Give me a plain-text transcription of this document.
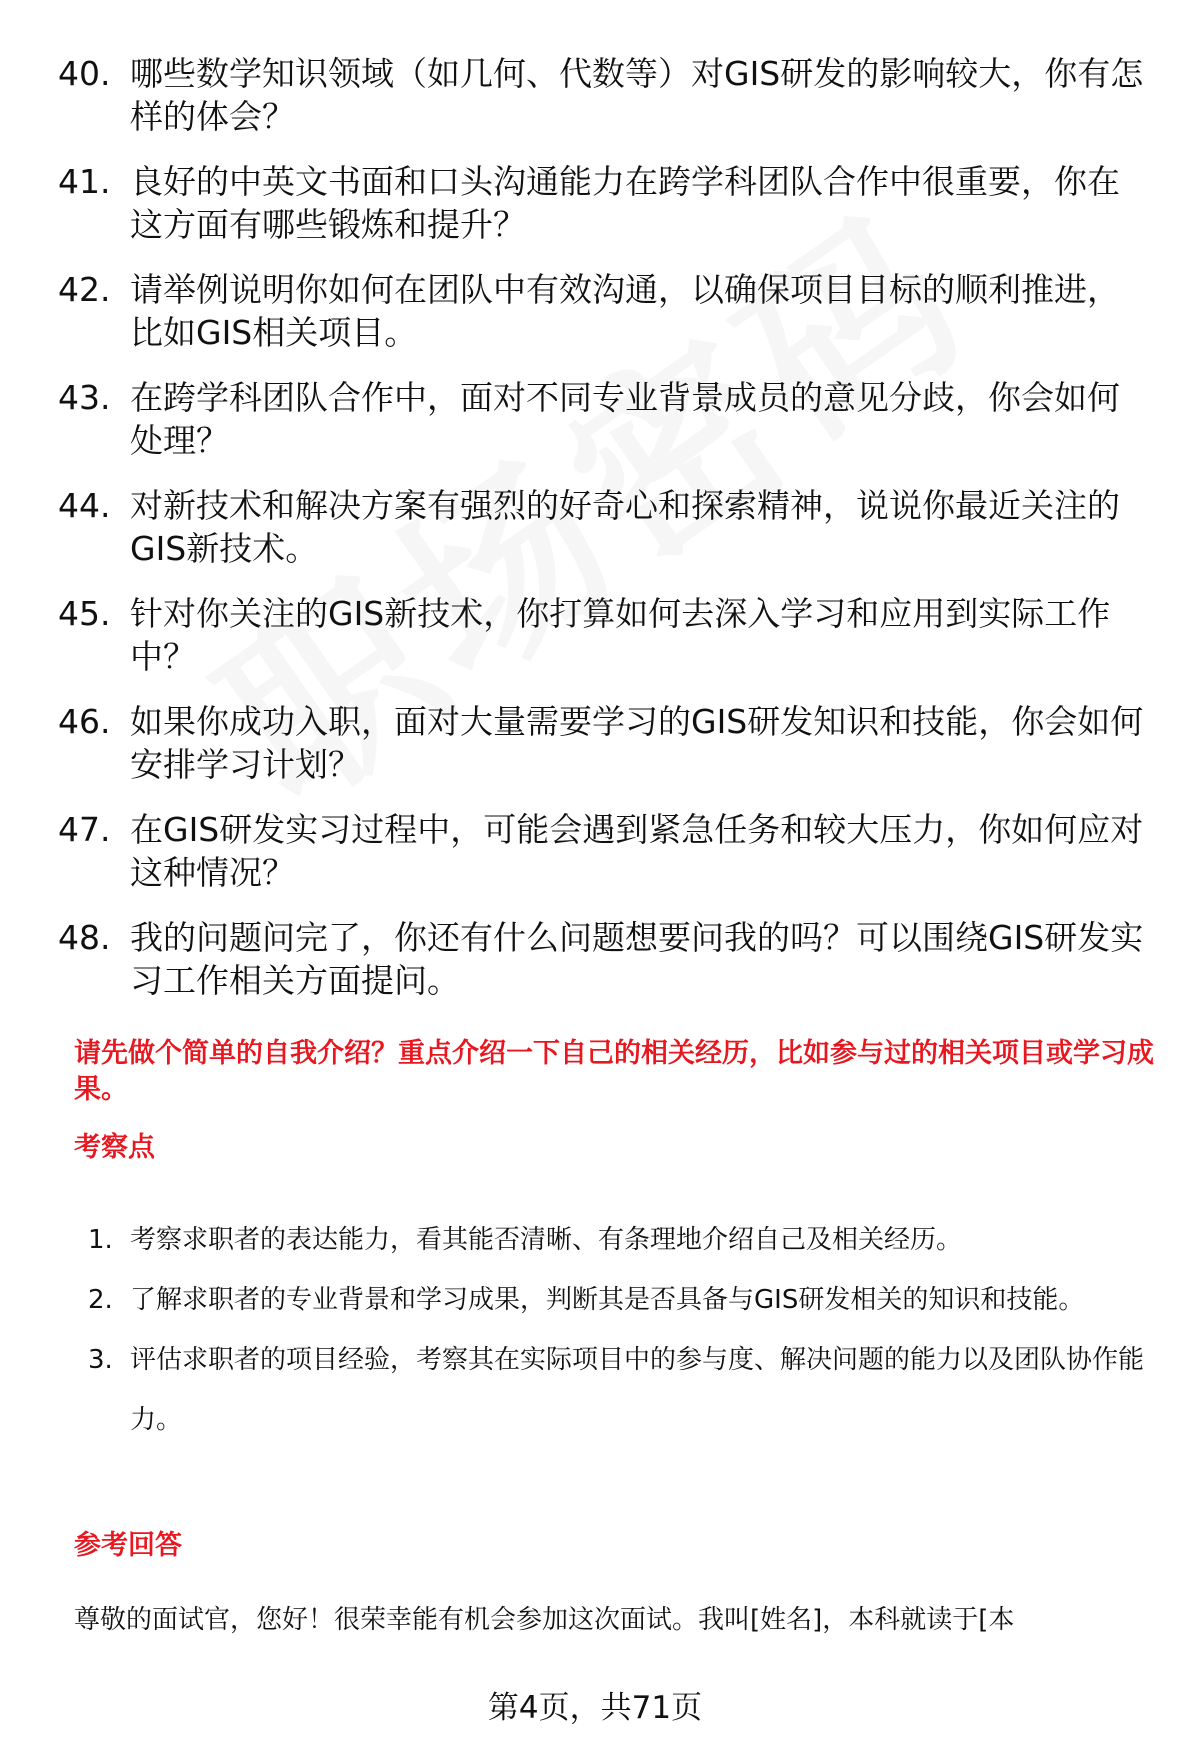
40. 哪些数学知识领域（如几何、代数等）对GIS研发的影响较大，你有怎样的体会？
41. 良好的中英文书面和口头沟通能力在跨学科团队合作中很重要，你在这方面有哪些锻炼和提升？
42. 请举例说明你如何在团队中有效沟通，以确保项目目标的顺利推进，比如GIS相关项目。
43. 在跨学科团队合作中，面对不同专业背景成员的意见分歧，你会如何处理？
44. 对新技术和解决方案有强烈的好奇心和探索精神，说说你最近关注的GIS新技术。
45. 针对你关注的GIS新技术，你打算如何去深入学习和应用到实际工作中？
46. 如果你成功入职，面对大量需要学习的GIS研发知识和技能，你会如何安排学习计划？
47. 在GIS研发实习过程中，可能会遇到紧急任务和较大压力，你如何应对这种情况？
48. 我的问题问完了，你还有什么问题想要问我的吗？可以围绕GIS研发实习工作相关方面提问。
请先做个简单的自我介绍？重点介绍一下自己的相关经历，比如参与过的相关项目或学习成果。
考察点
1. 考察求职者的表达能力，看其能否清晰、有条理地介绍自己及相关经历。
2. 了解求职者的专业背景和学习成果，判断其是否具备与GIS研发相关的知识和技能。
3. 评估求职者的项目经验，考察其在实际项目中的参与度、解决问题的能力以及团队协作能力。
参考回答
尊敬的面试官，您好！很荣幸能有机会参加这次面试。我叫[姓名]，本科就读于[本
第4页，共71页
